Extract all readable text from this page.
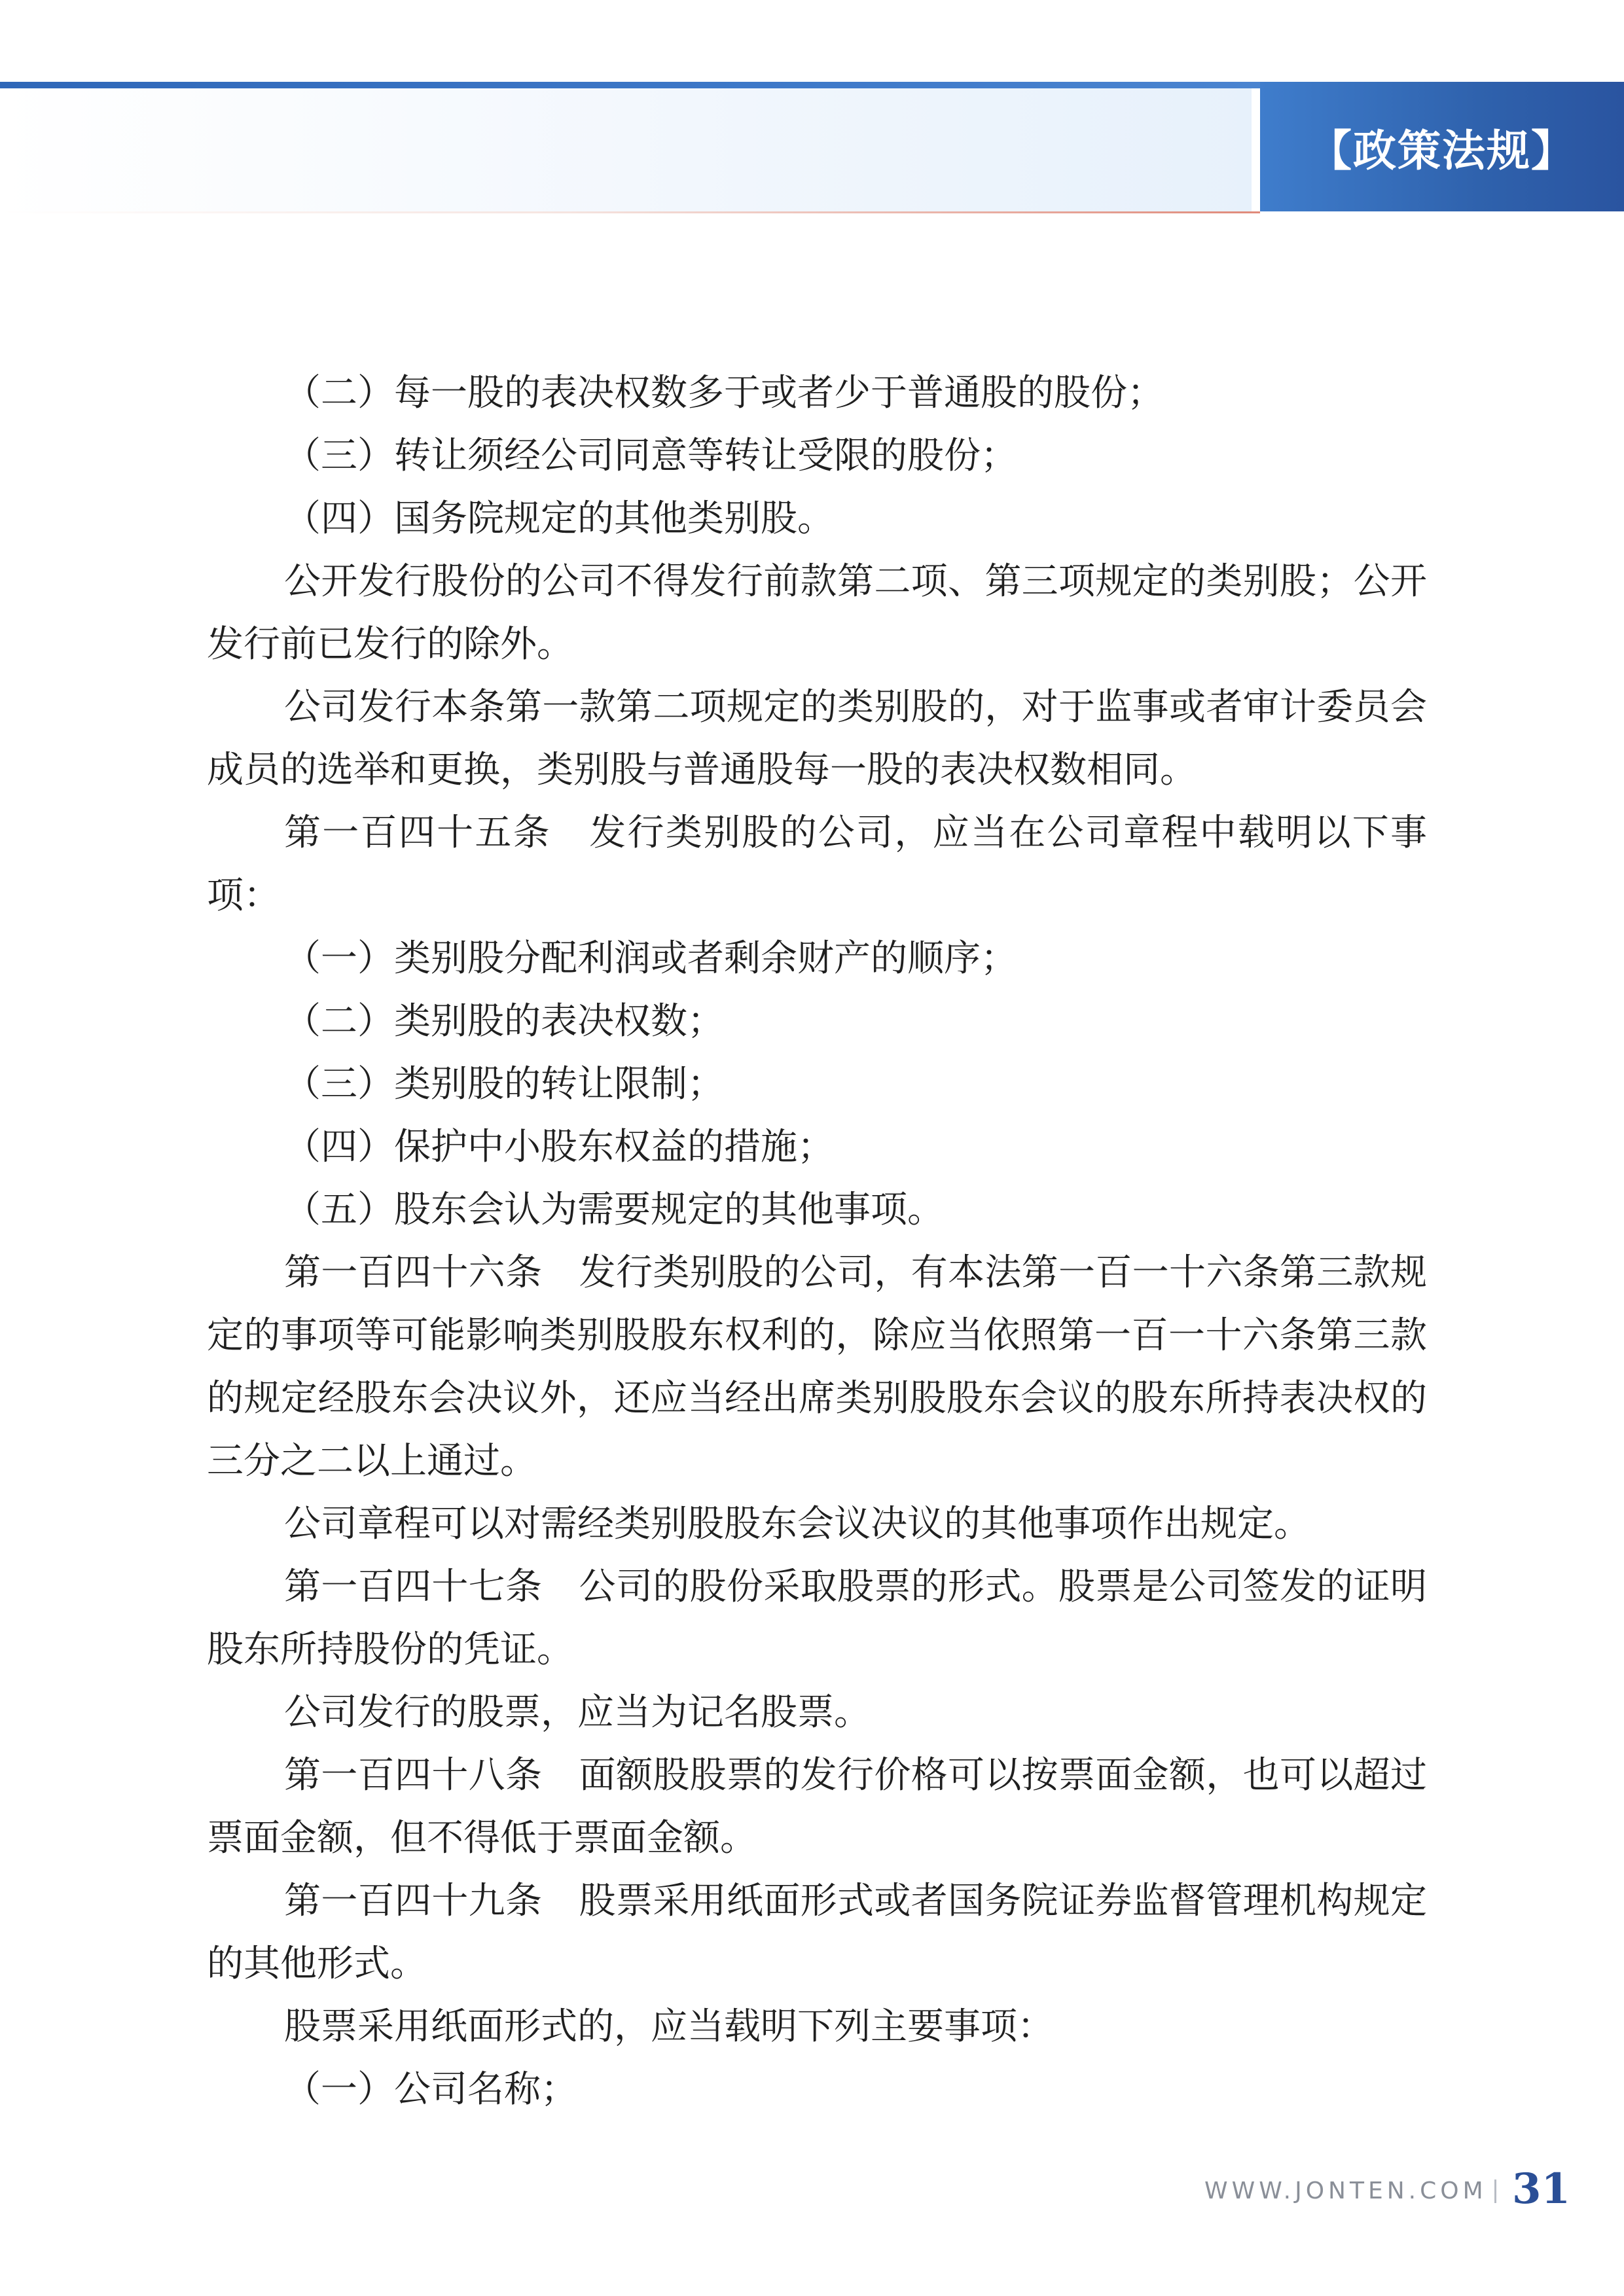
【政策法规】

（二）每一股的表决权数多于或者少于普通股的股份；

（三）转让须经公司同意等转让受限的股份；

（四）国务院规定的其他类别股。

公开发行股份的公司不得发行前款第二项、第三项规定的类别股；公开发行前已发行的除外。

公司发行本条第一款第二项规定的类别股的，对于监事或者审计委员会成员的选举和更换，类别股与普通股每一股的表决权数相同。

第一百四十五条　发行类别股的公司，应当在公司章程中载明以下事项：

（一）类别股分配利润或者剩余财产的顺序；

（二）类别股的表决权数；

（三）类别股的转让限制；

（四）保护中小股东权益的措施；

（五）股东会认为需要规定的其他事项。

第一百四十六条　发行类别股的公司，有本法第一百一十六条第三款规定的事项等可能影响类别股股东权利的，除应当依照第一百一十六条第三款的规定经股东会决议外，还应当经出席类别股股东会议的股东所持表决权的三分之二以上通过。

公司章程可以对需经类别股股东会议决议的其他事项作出规定。

第一百四十七条　公司的股份采取股票的形式。股票是公司签发的证明股东所持股份的凭证。

公司发行的股票，应当为记名股票。

第一百四十八条　面额股股票的发行价格可以按票面金额，也可以超过票面金额，但不得低于票面金额。

第一百四十九条　股票采用纸面形式或者国务院证券监督管理机构规定的其他形式。

股票采用纸面形式的，应当载明下列主要事项：

（一）公司名称；

WWW.JONTEN.COM 31
